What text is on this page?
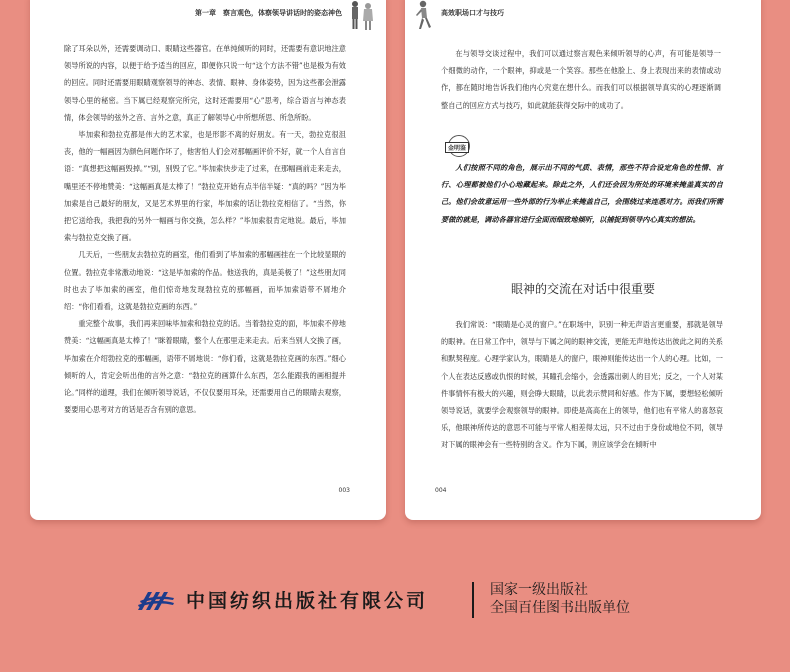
第一章　察言观色，体察领导讲话时的姿态神色

除了耳朵以外，还需要调动口、眼睛这些器官。在单纯倾听的同时，还需要有意识地注意领导所说的内容，以便于给予适当的回应，即便你只说一句“这个方法不错”也是极为有效的回应。同时还需要用眼睛观察领导的神态、表情、眼神、身体姿势，因为这些都会泄露领导心里的秘密。当下属已经观察完所完，这时还需要用“心”思考，综合语言与神态表情，体会领导的弦外之音、言外之意，真正了解领导心中所想所思、所急所盼。

毕加索和勃拉克都是伟大的艺术家，也是形影不离的好朋友。有一天，勃拉克很沮丧，他的一幅画因为颜色问题作坏了，他害怕人们会对那幅画评价不好，就一个人自言自语：“真想把这幅画毁掉。”“别，别毁了它。”毕加索快步走了过来，在那幅画前走来走去，嘴里还不停地赞美：“这幅画真是太棒了！”勃拉克开始有点半信半疑：“真的吗？”因为毕加索是自己最好的朋友，又是艺术界里的行家，毕加索的话让勃拉克相信了。“当然，你把它送给我，我把我的另外一幅画与你交换，怎么样？”毕加索很肯定地说。最后，毕加索与勃拉克交换了画。

几天后，一些朋友去勃拉克的画室，他们看到了毕加索的那幅画挂在一个比较显眼的位置。勃拉克非常激动地说：“这是毕加索的作品。他送我的，真是美极了！”这些朋友同时也去了毕加索的画室，他们惊奇地发现勃拉克的那幅画，而毕加索语带不屑地介绍：“你们看看，这就是勃拉克画的东西。”

重完整个故事，我们再来回味毕加索和勃拉克的话。当着勃拉克的面，毕加索不停地赞美：“这幅画真是太棒了！”眯着眼睛，整个人在那里走来走去。后来当别人交换了画，毕加索在介绍勃拉克的那幅画，语带不屑地说：“你们看，这就是勃拉克画的东西。”细心倾听的人，肯定会听出他的言外之意：“勃拉克的画算什么东西，怎么能跟我的画相提并论。”同样的道理，我们在倾听领导说话，不仅仅要用耳朵，还需要用自己的眼睛去观察，要要用心思考对方的话是否含有别的意思。

003
高效职场口才与技巧

在与领导交谈过程中，我们可以通过察言观色来倾听领导的心声，有可能是领导一个细微的动作，一个眼神，抑或是一个笑容。那些在他脸上、身上表现出来的表情或动作，都在随时地告诉我们他内心究竟在想什么。而我们可以根据领导真实的心理逐渐调整自己的回应方式与技巧，如此就能获得交际中的成功了。

金明鉴

人们按照不同的角色，展示出不同的气质、表情，那些不符合设定角色的性情、言行、心理都被他们小心地藏起来。除此之外，人们还会因为所处的环境来掩盖真实的自己。他们会故意运用一些外部的行为举止来掩盖自己，会围绕过来连悉对方。而我们所需要做的就是，调动各器官进行全面而细致地倾听，以捕捉到领导内心真实的想法。

眼神的交流在对话中很重要

我们常说：“眼睛是心灵的窗户。”在职场中，识别一种无声语言更重要，那就是领导的眼神。在日常工作中，领导与下属之间的眼神交流，更能无声地传达出彼此之间的关系和默契程度。心理学家认为，眼睛是人的窗户，眼神则能传达出一个人的心理。比如，一个人在表达反感或仇恨的时候，其瞳孔会缩小，会透露出刺人的目光；反之，一个人对某件事情怀有极大的兴趣，则会睁大眼睛，以此表示赞同和好感。作为下属，要想轻松倾听领导说话，就要学会观察领导的眼神。即使是高高在上的领导，他们也有平常人的喜怒哀乐，他眼神所传达的意思不可能与平常人相差得太远，只不过由于身份或地位不同，领导对下属的眼神会有一些特别的含义。作为下属，则应该学会在倾听中

004
中国纺织出版社有限公司	国家一级出版社
全国百佳图书出版单位
